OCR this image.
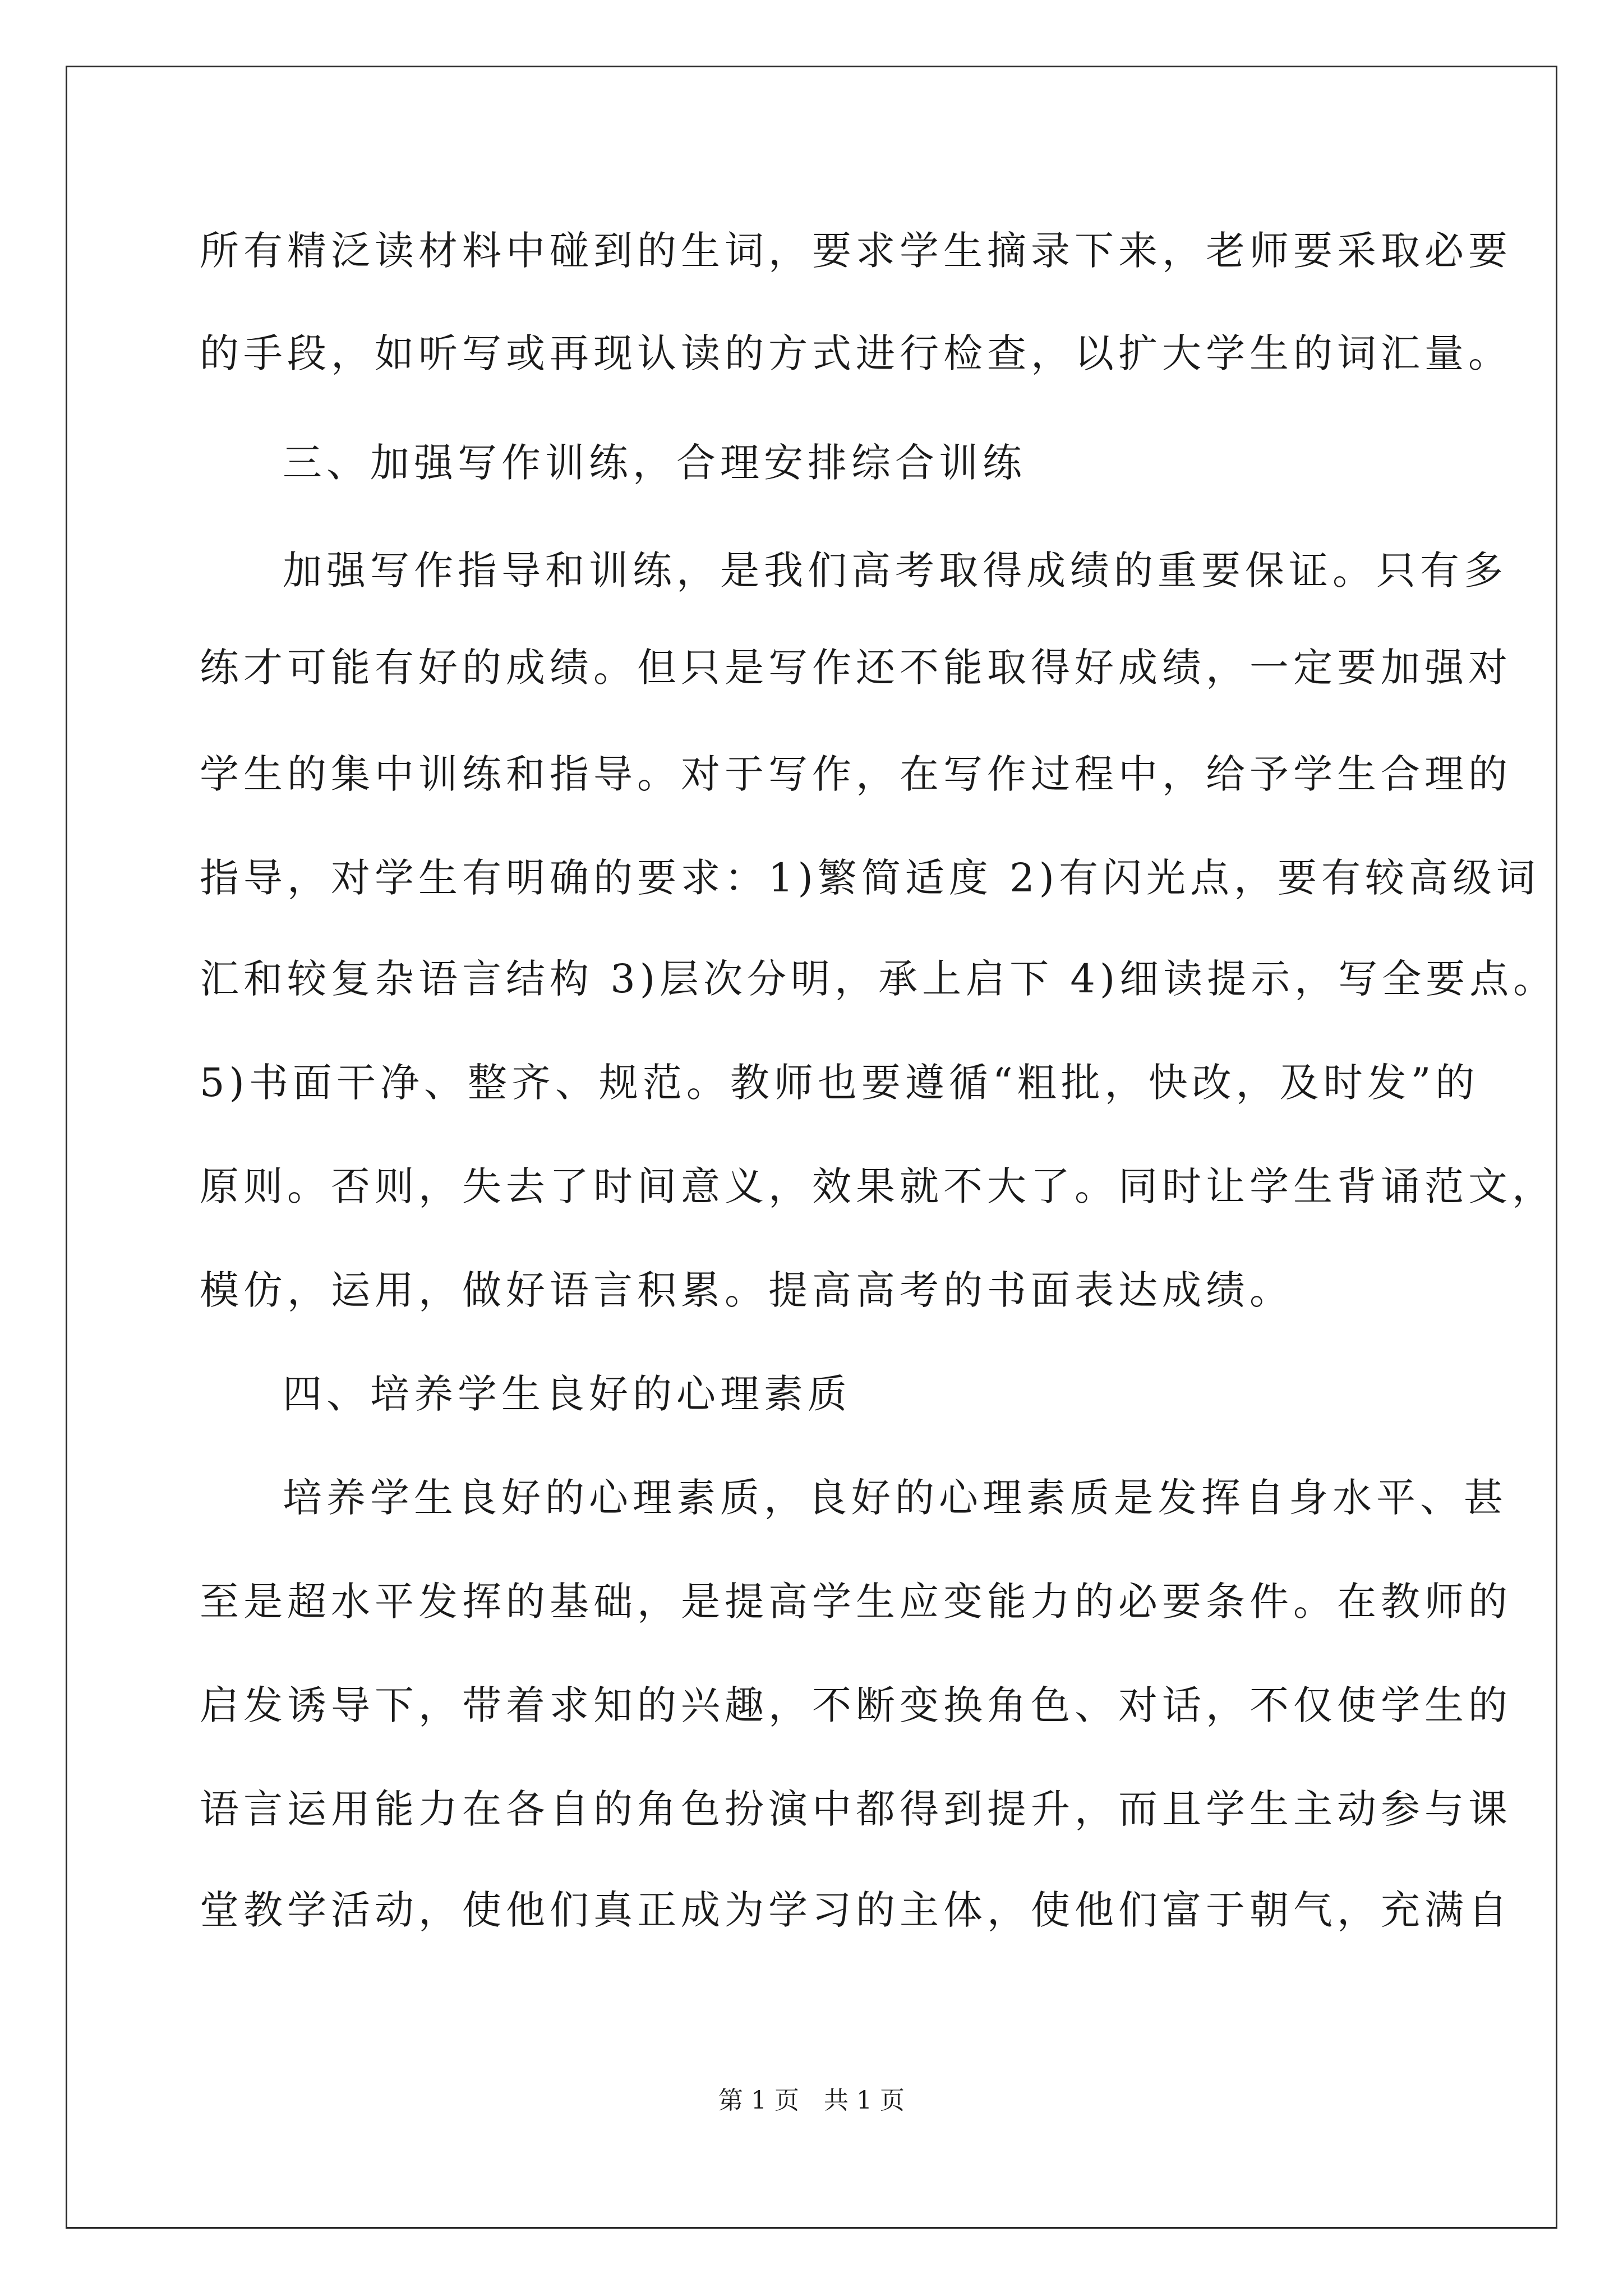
所有精泛读材料中碰到的生词，要求学生摘录下来，老师要采取必要
的手段，如听写或再现认读的方式进行检查，以扩大学生的词汇量。
三、加强写作训练，合理安排综合训练
加强写作指导和训练，是我们高考取得成绩的重要保证。只有多
练才可能有好的成绩。但只是写作还不能取得好成绩，一定要加强对
学生的集中训练和指导。对于写作，在写作过程中，给予学生合理的
指导，对学生有明确的要求：1)繁简适度 2)有闪光点，要有较高级词
汇和较复杂语言结构 3)层次分明，承上启下 4)细读提示，写全要点。
5)书面干净、整齐、规范。教师也要遵循“粗批，快改，及时发”的
原则。否则，失去了时间意义，效果就不大了。同时让学生背诵范文，
模仿，运用，做好语言积累。提高高考的书面表达成绩。
四、培养学生良好的心理素质
培养学生良好的心理素质，良好的心理素质是发挥自身水平、甚
至是超水平发挥的基础，是提高学生应变能力的必要条件。在教师的
启发诱导下，带着求知的兴趣，不断变换角色、对话，不仅使学生的
语言运用能力在各自的角色扮演中都得到提升，而且学生主动参与课
堂教学活动，使他们真正成为学习的主体，使他们富于朝气，充满自
第 1 页　共 1 页
